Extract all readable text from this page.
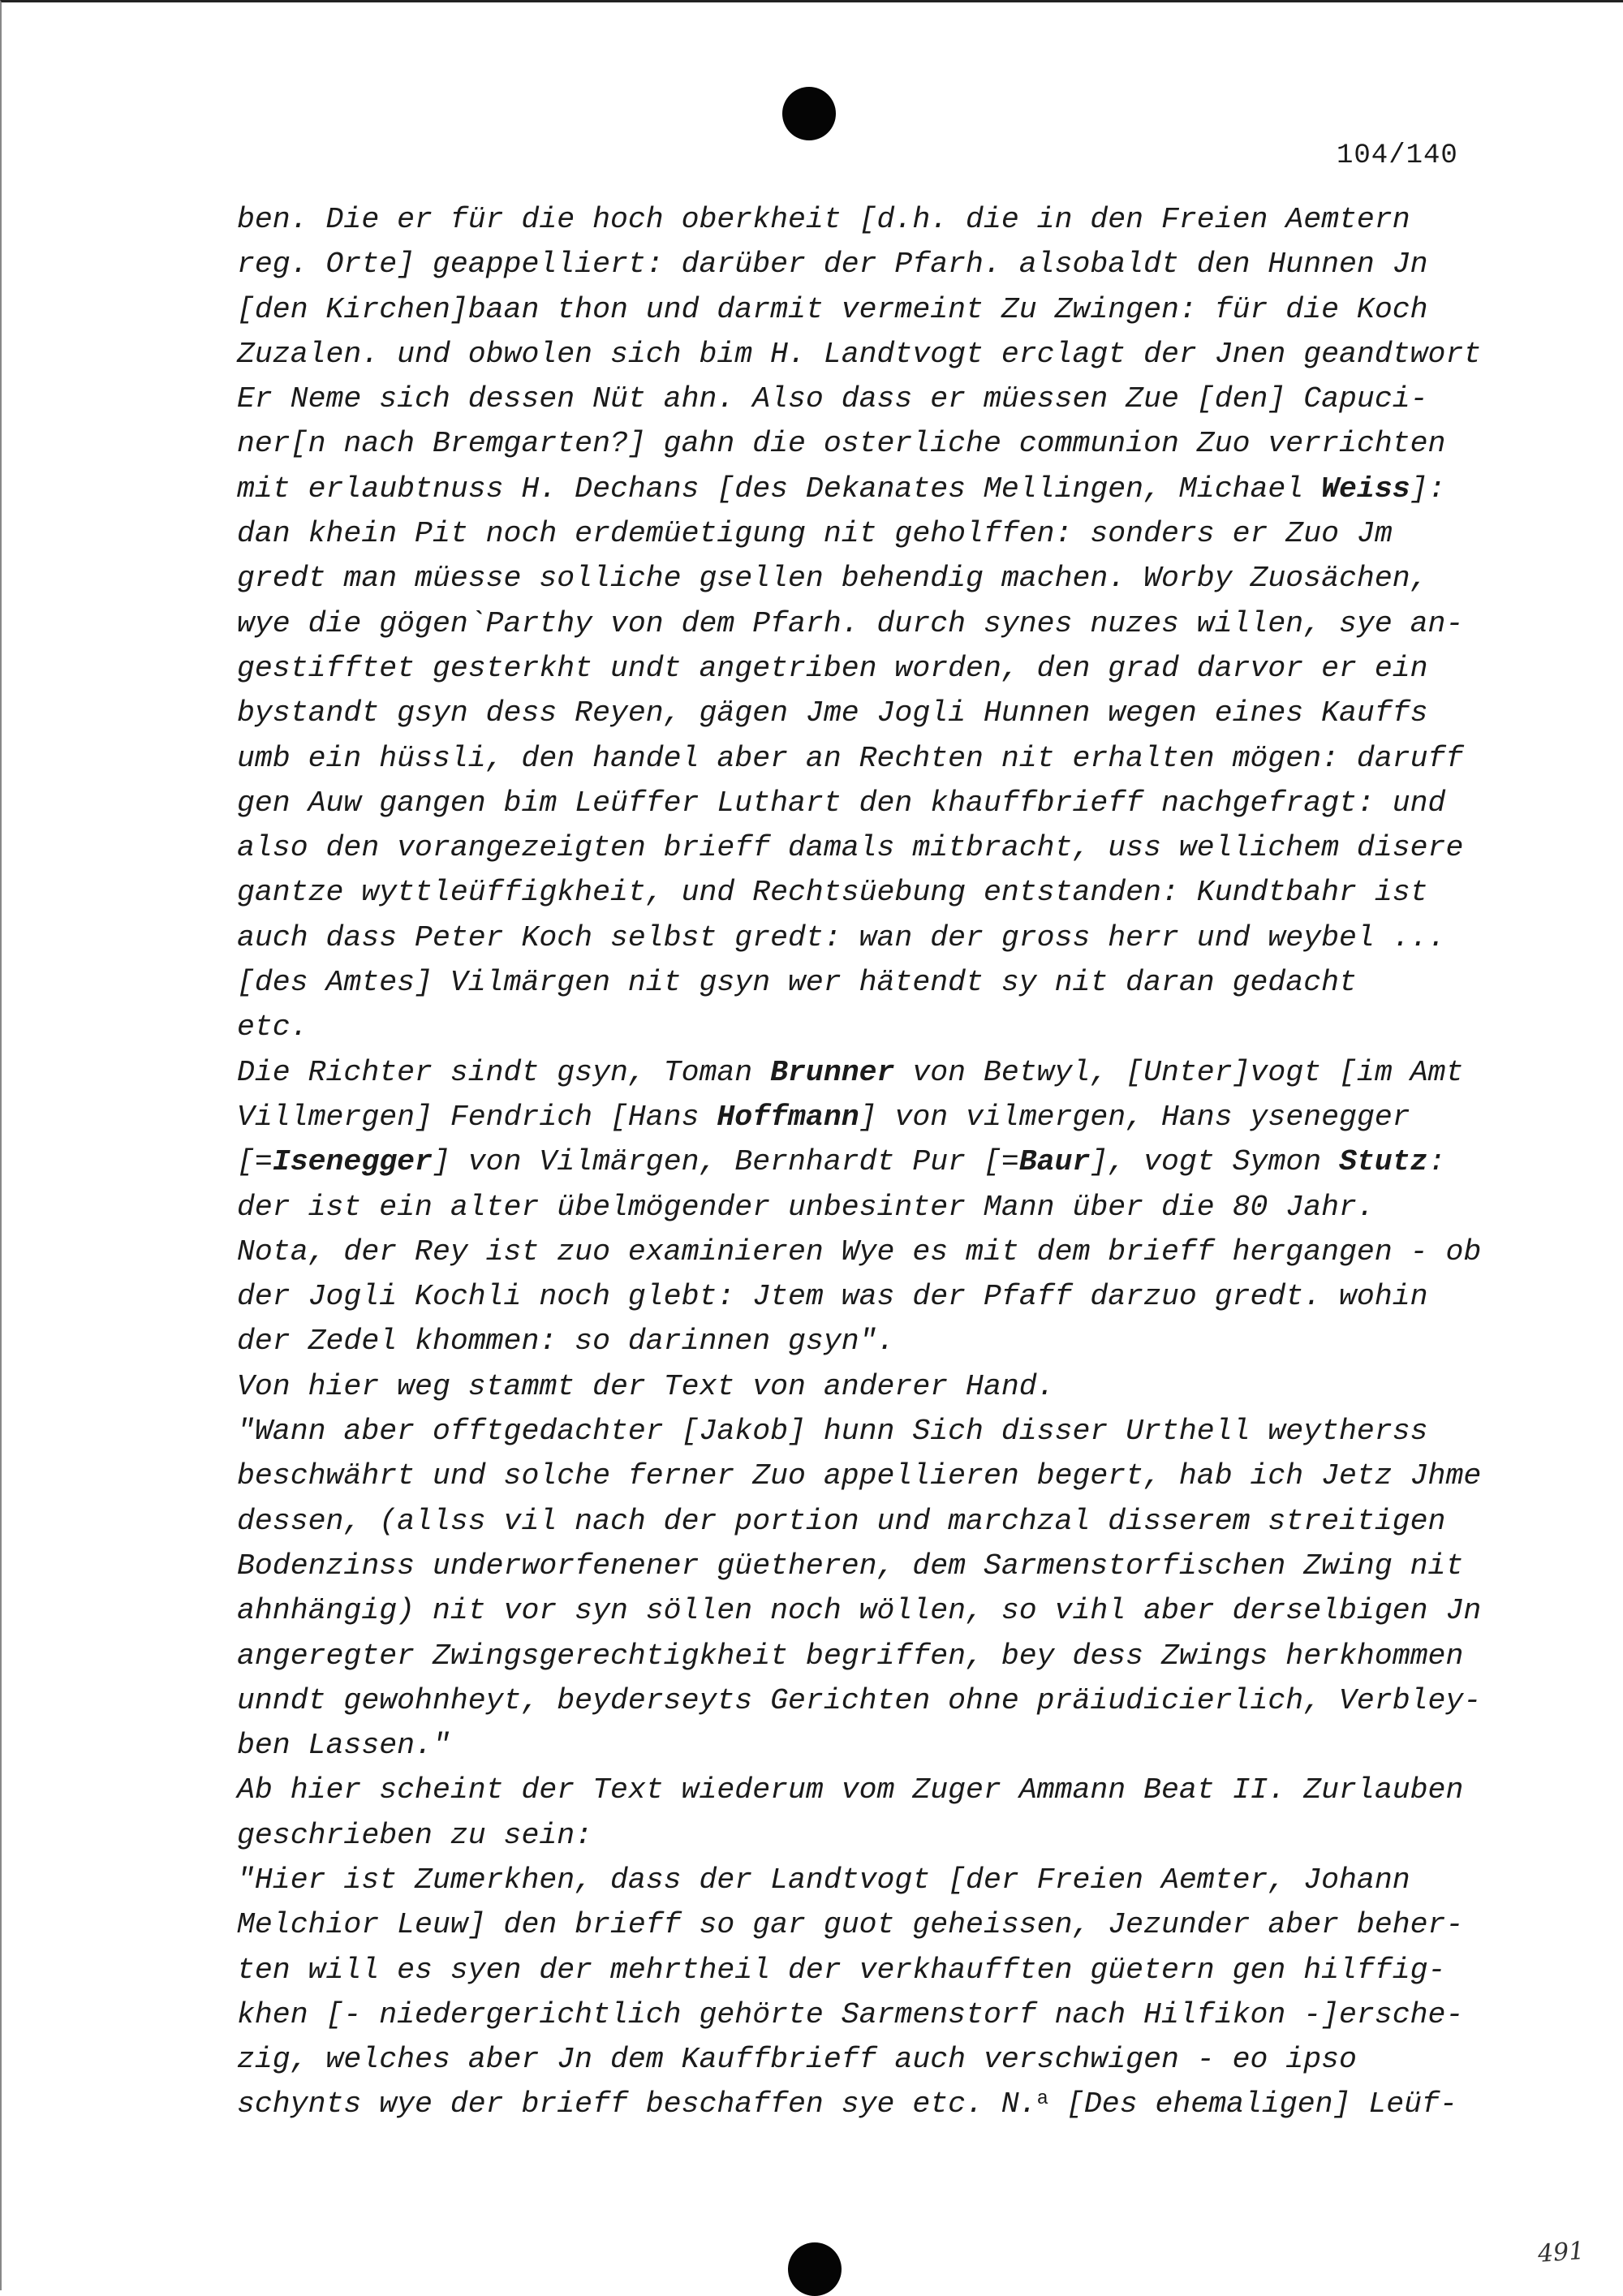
104/140
ben. Die er für die hoch oberkheit [d.h. die in den Freien Aemtern
reg. Orte] geappelliert: darüber der Pfarh. alsobaldt den Hunnen Jn
[den Kirchen]baan thon und darmit vermeint Zu Zwingen: für die Koch
Zuzalen. und obwolen sich bim H. Landtvogt erclagt der Jnen geandtwort
Er Neme sich dessen Nüt ahn. Also dass er müessen Zue [den] Capuci-
ner[n nach Bremgarten?] gahn die osterliche communion Zuo verrichten
mit erlaubtnuss H. Dechans [des Dekanates Mellingen, Michael Weiss]:
dan khein Pit noch erdemüetigung nit geholffen: sonders er Zuo Jm
gredt man müesse solliche gsellen behendig machen. Worby Zuosächen,
wye die gögen`Parthy von dem Pfarh. durch synes nuzes willen, sye an-
gestifftet gesterkht undt angetriben worden, den grad darvor er ein
bystandt gsyn dess Reyen, gägen Jme Jogli Hunnen wegen eines Kauffs
umb ein hüssli, den handel aber an Rechten nit erhalten mögen: daruff
gen Auw gangen bim Leüffer Luthart den khauffbrieff nachgefragt: und
also den vorangezeigten brieff damals mitbracht, uss wellichem disere
gantze wyttleüffigkheit, und Rechtsüebung entstanden: Kundtbahr ist
auch dass Peter Koch selbst gredt: wan der gross herr und weybel ...
[des Amtes] Vilmärgen nit gsyn wer hätendt sy nit daran gedacht
etc.
Die Richter sindt gsyn, Toman Brunner von Betwyl, [Unter]vogt [im Amt
Villmergen] Fendrich [Hans Hoffmann] von vilmergen, Hans ysenegger
[=Isenegger] von Vilmärgen, Bernhardt Pur [=Baur], vogt Symon Stutz:
der ist ein alter übelmögender unbesinter Mann über die 80 Jahr.
Nota, der Rey ist zuo examinieren Wye es mit dem brieff hergangen - ob
der Jogli Kochli noch glebt: Jtem was der Pfaff darzuo gredt. wohin
der Zedel khommen: so darinnen gsyn".
Von hier weg stammt der Text von anderer Hand.
"Wann aber offtgedachter [Jakob] hunn Sich disser Urthell weytherss
beschwährt und solche ferner Zuo appellieren begert, hab ich Jetz Jhme
dessen, (allss vil nach der portion und marchzal disserem streitigen
Bodenzinss underworfenener güetheren, dem Sarmenstorfischen Zwing nit
ahnhängig) nit vor syn söllen noch wöllen, so vihl aber derselbigen Jn
angeregter Zwingsgerechtigkheit begriffen, bey dess Zwings herkhommen
unndt gewohnheyt, beyderseyts Gerichten ohne präiudicierlich, Verbley-
ben Lassen."
Ab hier scheint der Text wiederum vom Zuger Ammann Beat II. Zurlauben
geschrieben zu sein:
"Hier ist Zumerkhen, dass der Landtvogt [der Freien Aemter, Johann
Melchior Leuw] den brieff so gar guot geheissen, Jezunder aber beher-
ten will es syen der mehrtheil der verkhaufften güetern gen hilffig-
khen [- niedergerichtlich gehörte Sarmenstorf nach Hilfikon -]ersche-
zig, welches aber Jn dem Kauffbrieff auch verschwigen - eo ipso
schynts wye der brieff beschaffen sye etc. N.$^a$ [Des ehemaligen] Leüf-
491
